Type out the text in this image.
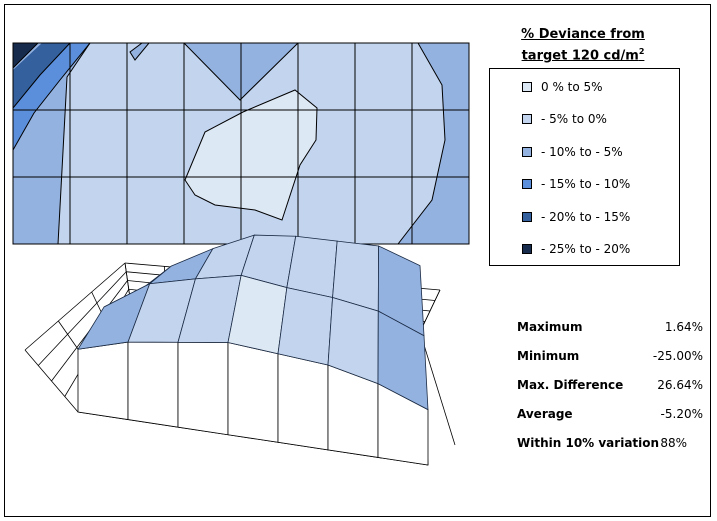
% Deviance from
target 120 $cd/m^2$
0 % to 5%
- 5% to 0%
- 10% to - 5%
- 15% to - 10%
- 20% to - 15%
- 25% to - 20%
Maximum	1.64%
Minimum	-25.00%
Max. Difference	26.64%
Average	-5.20%
Within 10% variation 88%
